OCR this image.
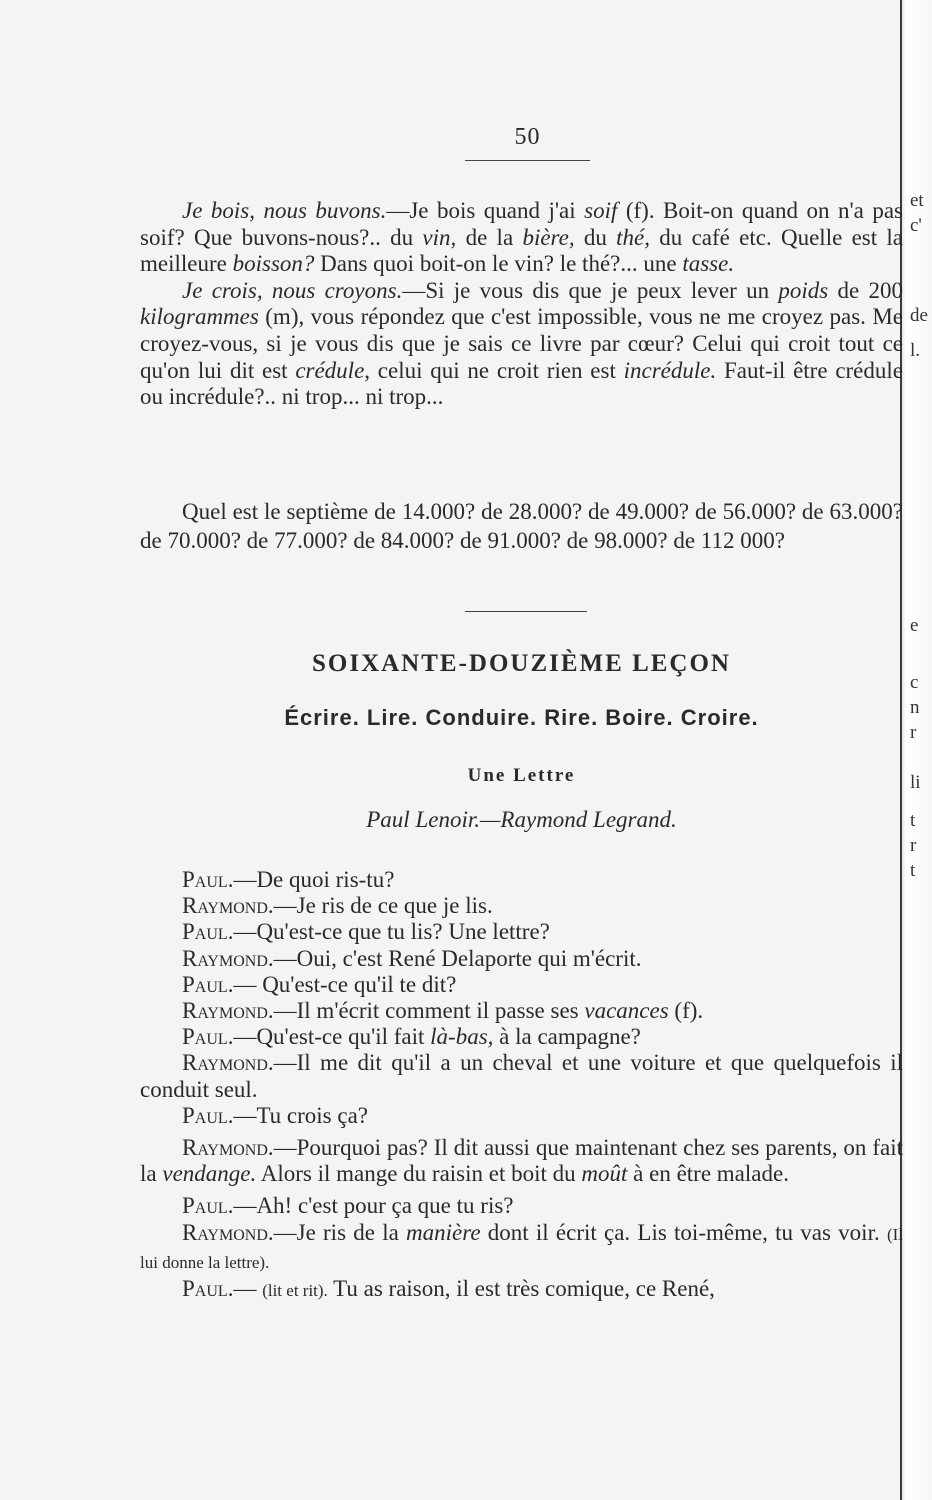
50

Je bois, nous buvons.—Je bois quand j'ai soif (f). Boit-on quand on n'a pas soif? Que buvons-nous?.. du vin, de la bière, du thé, du café etc. Quelle est la meilleure boisson? Dans quoi boit-on le vin? le thé?... une tasse.

Je crois, nous croyons.—Si je vous dis que je peux lever un poids de 200 kilogrammes (m), vous répondez que c'est impossible, vous ne me croyez pas. Me croyez-vous, si je vous dis que je sais ce livre par cœur? Celui qui croit tout ce qu'on lui dit est crédule, celui qui ne croit rien est incrédule. Faut-il être crédule ou incrédule?.. ni trop... ni trop...

Quel est le septième de 14.000? de 28.000? de 49.000? de 56.000? de 63.000? de 70.000? de 77.000? de 84.000? de 91.000? de 98.000? de 112 000?

SOIXANTE-DOUZIÈME LEÇON
Écrire. Lire. Conduire. Rire. Boire. Croire.
Une Lettre
Paul Lenoir.—Raymond Legrand.

Paul.—De quoi ris-tu?

Raymond.—Je ris de ce que je lis.

Paul.—Qu'est-ce que tu lis? Une lettre?

Raymond.—Oui, c'est René Delaporte qui m'écrit.

Paul.— Qu'est-ce qu'il te dit?

Raymond.—Il m'écrit comment il passe ses vacances (f).

Paul.—Qu'est-ce qu'il fait là-bas, à la campagne?

Raymond.—Il me dit qu'il a un cheval et une voiture et que quelquefois il conduit seul.

Paul.—Tu crois ça?

Raymond.—Pourquoi pas? Il dit aussi que maintenant chez ses parents, on fait la vendange. Alors il mange du raisin et boit du moût à en être malade.

Paul.—Ah! c'est pour ça que tu ris?

Raymond.—Je ris de la manière dont il écrit ça. Lis toi-même, tu vas voir. (Il lui donne la lettre).

Paul.— (lit et rit). Tu as raison, il est très comique, ce René,

et
c'
de
l.
e
c
n
r
li
t
r
t
